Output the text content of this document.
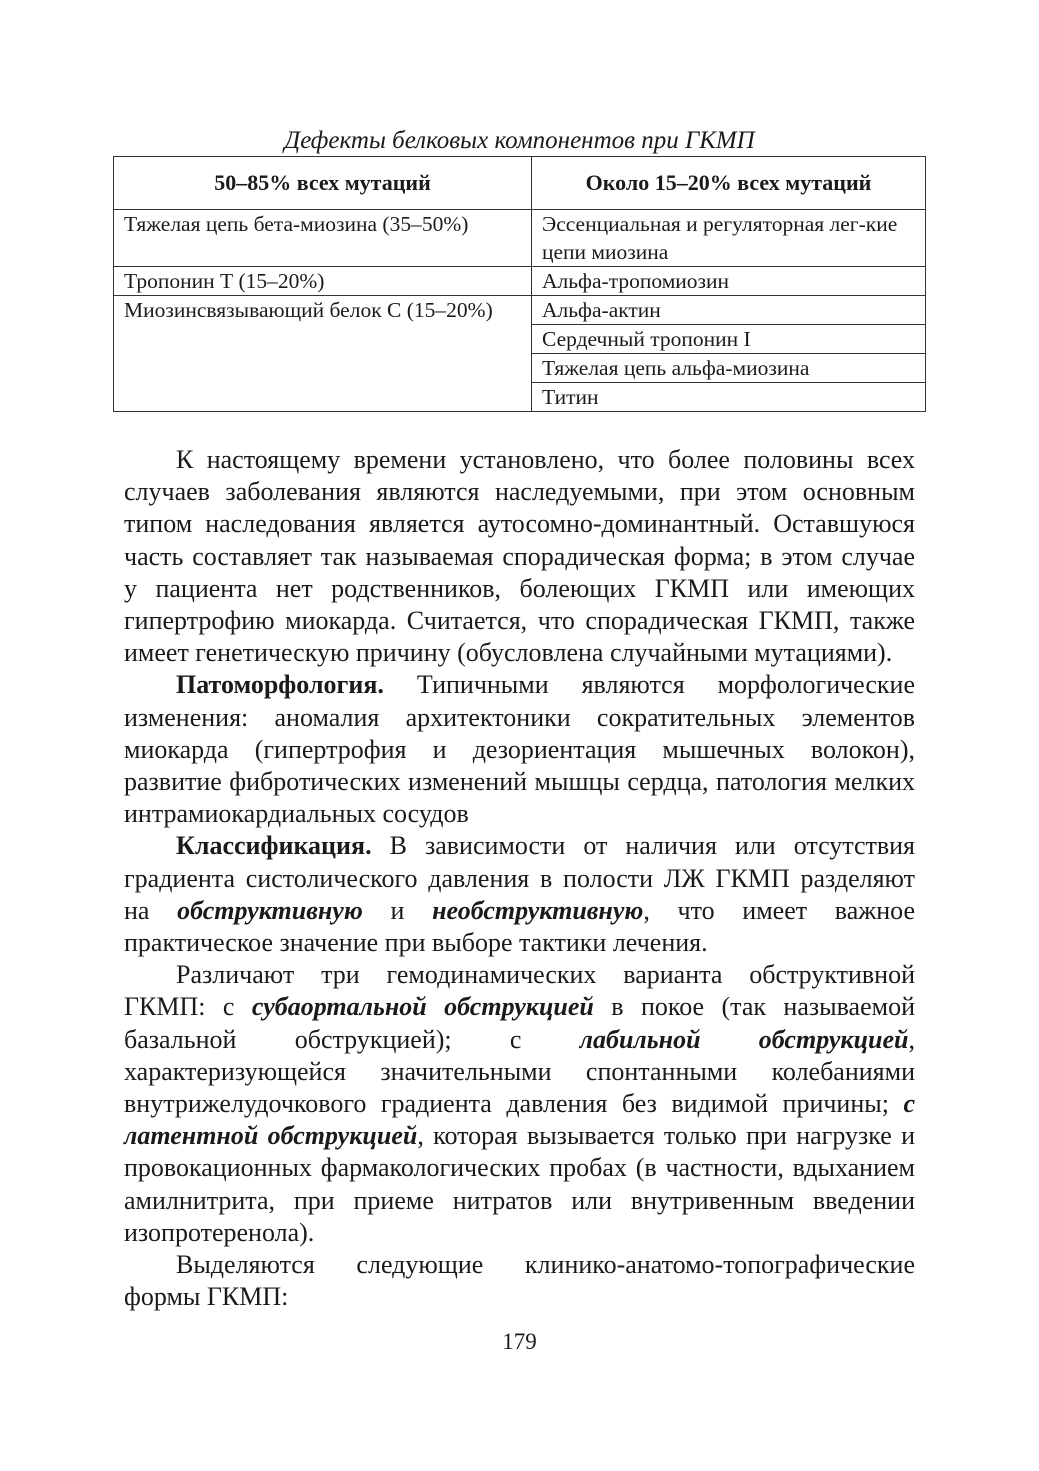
Дефекты белковых компонентов при ГКМП
50–85% всех мутаций	Около 15–20% всех мутаций
Тяжелая цепь бета-миозина (35–50%)	Эссенциальная и регуляторная лег-кие цепи миозина
Тропонин Т (15–20%)	Альфа-тропомиозин
Миозинсвязывающий белок С (15–20%)	Альфа-актин
	Сердечный тропонин I
	Тяжелая цепь альфа-миозина
	Титин

К настоящему времени установлено, что более половины всех случаев заболевания являются наследуемыми, при этом основным типом наследования является аутосомно-доминантный. Оставшуюся часть составляет так называемая спорадическая форма; в этом случае у пациента нет родственников, болеющих ГКМП или имеющих гипертрофию миокарда. Считается, что спорадическая ГКМП, также имеет генетическую причину (обусловлена случайными мутациями).

Патоморфология. Типичными являются морфологические изменения: аномалия архитектоники сократительных элементов миокарда (гипертрофия и дезориентация мышечных волокон), развитие фибротических изменений мышцы сердца, патология мелких интрамиокардиальных сосудов

Классификация. В зависимости от наличия или отсутствия градиента систолического давления в полости ЛЖ ГКМП разделяют на обструктивную и необструктивную, что имеет важное практическое значение при выборе тактики лечения.

Различают три гемодинамических варианта обструктивной ГКМП: с субаортальной обструкцией в покое (так называемой базальной обструкцией); с лабильной обструкцией, характеризующейся значительными спонтанными колебаниями внутрижелудочкового градиента давления без видимой причины; с латентной обструкцией, которая вызывается только при нагрузке и провокационных фармакологических пробах (в частности, вдыханием амилнитрита, при приеме нитратов или внутривенным введении изопротеренола).

Выделяются следующие клинико-анатомо-топографические формы ГКМП:

179
